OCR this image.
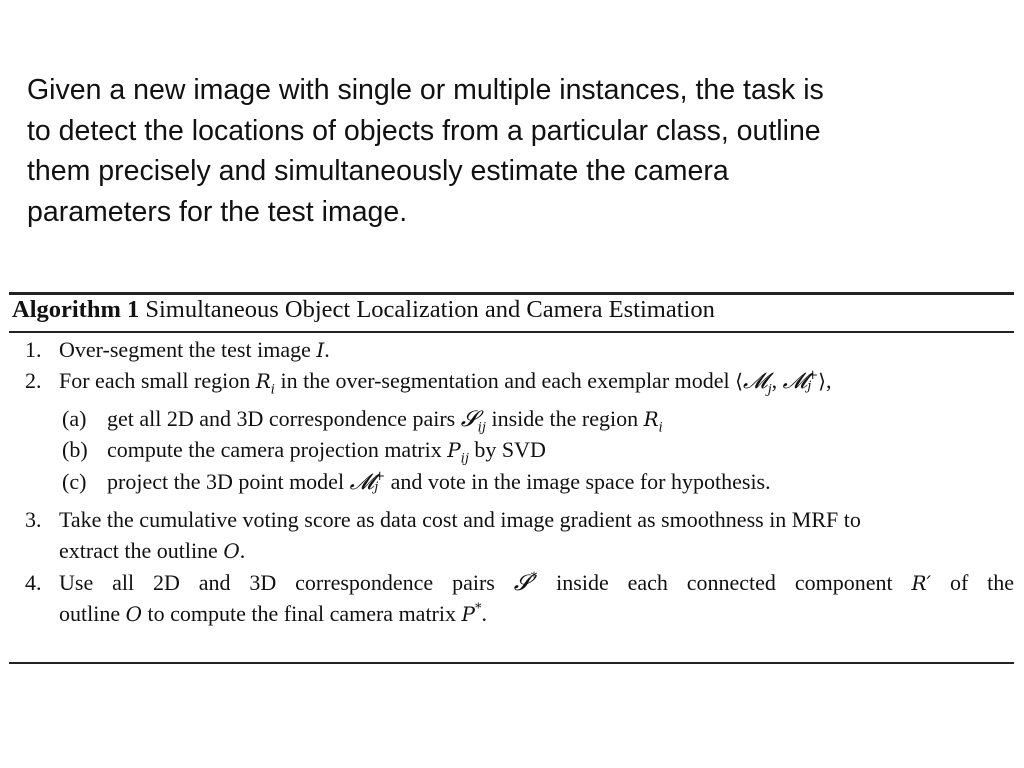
Given a new image with single or multiple instances, the task is
to detect the locations of objects from a particular class, outline
them precisely and simultaneously estimate the camera
parameters for the test image.
Algorithm 1 Simultaneous Object Localization and Camera Estimation
1. Over-segment the test image I.
2. For each small region $R_i$ in the over-segmentation and each exemplar model ⟨𝓜$_j$, 𝓜 +
j ⟩,
(a) get all 2D and 3D correspondence pairs 𝓢$_{ij}$ inside the region $R_i$
(b) compute the camera projection matrix $P_{ij}$ by SVD
(c) project the 3D point model 𝓜 +
j and vote in the image space for hypothesis.
3. Take the cumulative voting score as data cost and image gradient as smoothness in MRF to
extract the outline O.
4. Use all 2D and 3D correspondence pairs 𝓢* inside each connected component R′ of the
outline O to compute the final camera matrix P*.
